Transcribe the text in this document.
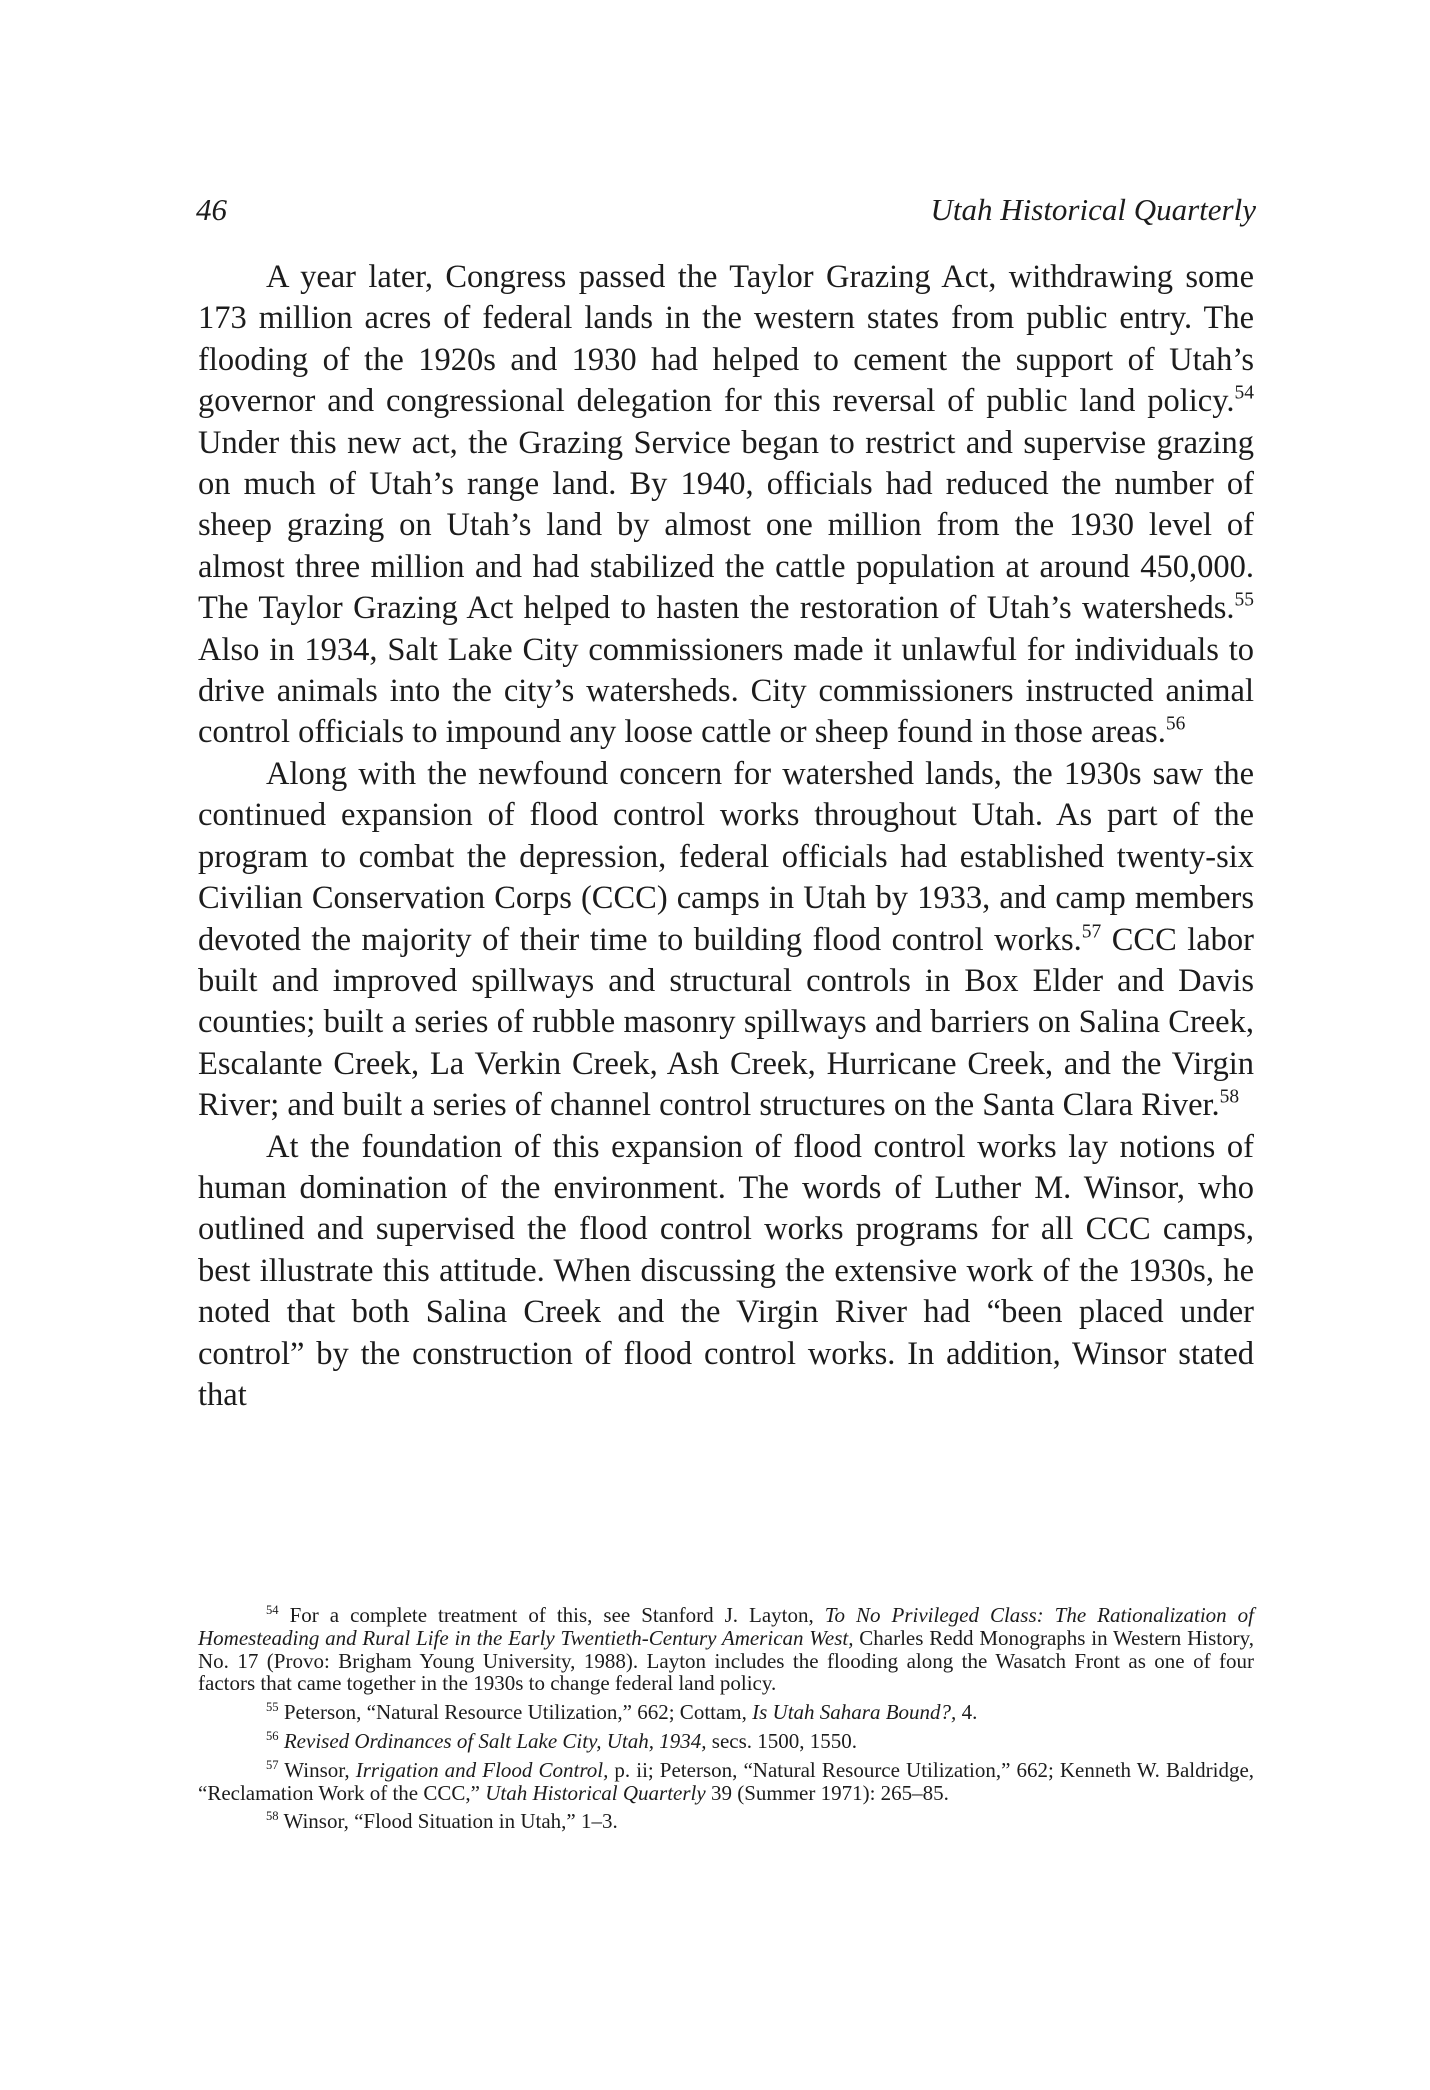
46	Utah Historical Quarterly

A year later, Congress passed the Taylor Grazing Act, withdrawing some 173 million acres of federal lands in the western states from public entry. The flooding of the 1920s and 1930 had helped to cement the support of Utah’s governor and congressional delegation for this reversal of public land policy.$^{54}$ Under this new act, the Grazing Service began to restrict and supervise grazing on much of Utah’s range land. By 1940, officials had reduced the number of sheep grazing on Utah’s land by almost one million from the 1930 level of almost three million and had stabilized the cattle population at around 450,000. The Taylor Grazing Act helped to hasten the restoration of Utah’s watersheds.$^{55}$ Also in 1934, Salt Lake City commissioners made it unlawful for individuals to drive animals into the city’s watersheds. City commissioners instructed animal control officials to impound any loose cattle or sheep found in those areas.$^{56}$

Along with the newfound concern for watershed lands, the 1930s saw the continued expansion of flood control works throughout Utah. As part of the program to combat the depression, federal officials had established twenty-six Civilian Conservation Corps (CCC) camps in Utah by 1933, and camp members devoted the majority of their time to building flood control works.$^{57}$ CCC labor built and improved spillways and structural controls in Box Elder and Davis counties; built a series of rubble masonry spillways and barriers on Salina Creek, Escalante Creek, La Verkin Creek, Ash Creek, Hurricane Creek, and the Virgin River; and built a series of channel control structures on the Santa Clara River.$^{58}$

At the foundation of this expansion of flood control works lay notions of human domination of the environment. The words of Luther M. Winsor, who outlined and supervised the flood control works programs for all CCC camps, best illustrate this attitude. When discussing the extensive work of the 1930s, he noted that both Salina Creek and the Virgin River had “been placed under control” by the construction of flood control works. In addition, Winsor stated that

$^{54}$ For a complete treatment of this, see Stanford J. Layton, To No Privileged Class: The Rationalization of Homesteading and Rural Life in the Early Twentieth-Century American West, Charles Redd Monographs in Western History, No. 17 (Provo: Brigham Young University, 1988). Layton includes the flooding along the Wasatch Front as one of four factors that came together in the 1930s to change federal land policy.

$^{55}$ Peterson, “Natural Resource Utilization,” 662; Cottam, Is Utah Sahara Bound?, 4.

$^{56}$ Revised Ordinances of Salt Lake City, Utah, 1934, secs. 1500, 1550.

$^{57}$ Winsor, Irrigation and Flood Control, p. ii; Peterson, “Natural Resource Utilization,” 662; Kenneth W. Baldridge, “Reclamation Work of the CCC,” Utah Historical Quarterly 39 (Summer 1971): 265–85.

$^{58}$ Winsor, “Flood Situation in Utah,” 1–3.
